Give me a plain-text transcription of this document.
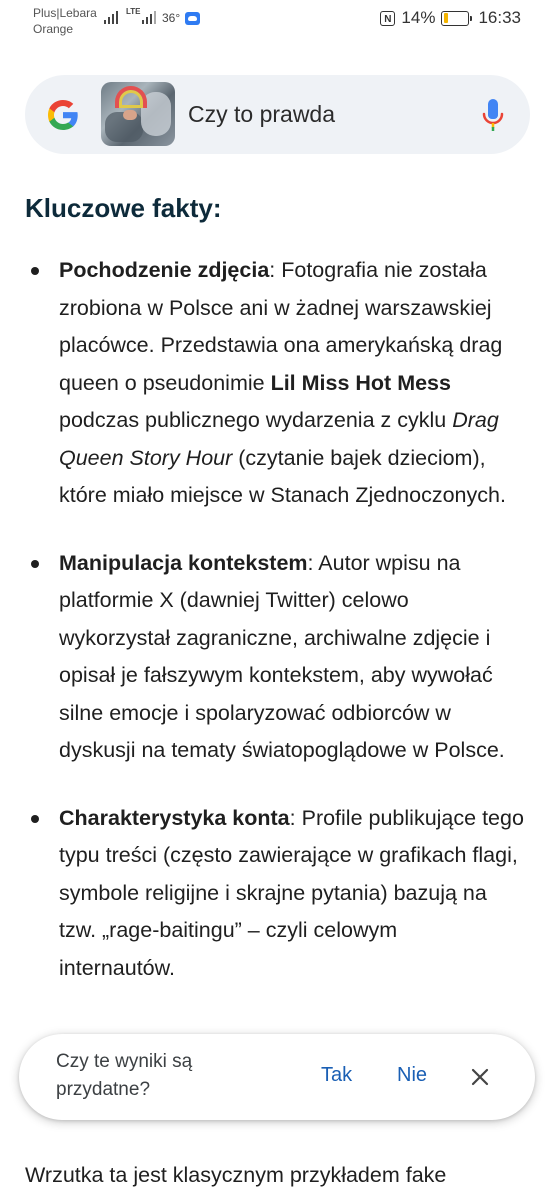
Plus|Lebara
Orange
LTE 36°	N 14%	16:33
Czy to prawda
Kluczowe fakty:
Pochodzenie zdjęcia: Fotografia nie została zrobiona w Polsce ani w żadnej warszawskiej placówce. Przedstawia ona amerykańską drag queen o pseudonimie Lil Miss Hot Mess podczas publicznego wydarzenia z cyklu Drag Queen Story Hour (czytanie bajek dzieciom), które miało miejsce w Stanach Zjednoczonych.
Manipulacja kontekstem: Autor wpisu na platformie X (dawniej Twitter) celowo wykorzystał zagraniczne, archiwalne zdjęcie i opisał je fałszywym kontekstem, aby wywołać silne emocje i spolaryzować odbiorców w dyskusji na tematy światopoglądowe w Polsce.
Charakterystyka konta: Profile publikujące tego typu treści (często zawierające w grafikach flagi, symbole religijne i skrajne pytania) bazują na tzw. „rage-baitingu” – czyli celowym
internautów.
Wrzutka ta jest klasycznym przykładem fake
Czy te wyniki są przydatne?
Tak Nie
